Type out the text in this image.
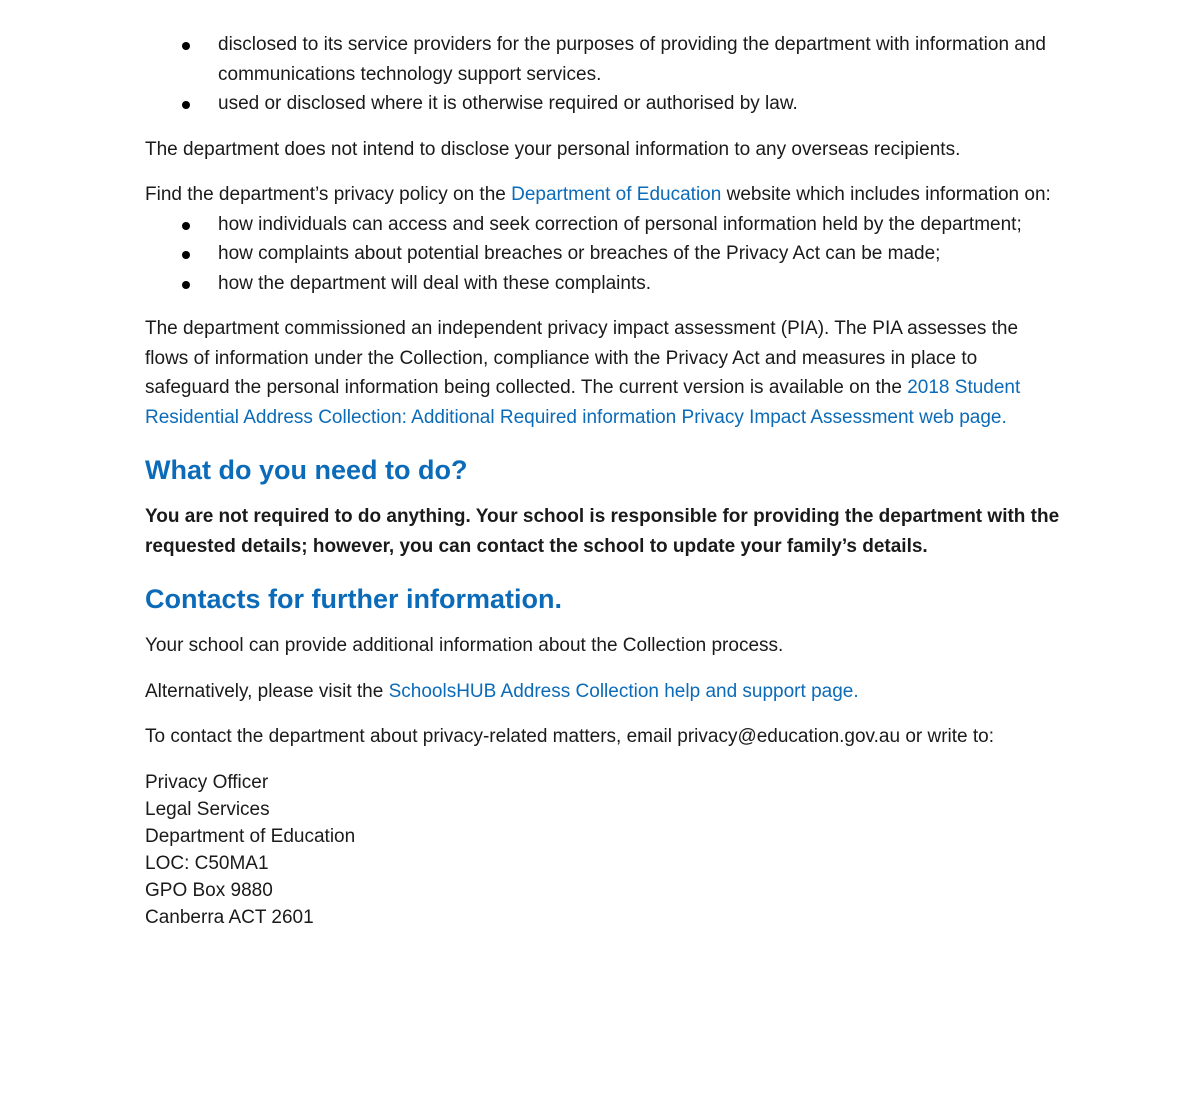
disclosed to its service providers for the purposes of providing the department with information and communications technology support services.
used or disclosed where it is otherwise required or authorised by law.

The department does not intend to disclose your personal information to any overseas recipients.

Find the department’s privacy policy on the Department of Education website which includes information on:

how individuals can access and seek correction of personal information held by the department;
how complaints about potential breaches or breaches of the Privacy Act can be made;
how the department will deal with these complaints.

The department commissioned an independent privacy impact assessment (PIA). The PIA assesses the flows of information under the Collection, compliance with the Privacy Act and measures in place to safeguard the personal information being collected. The current version is available on the 2018 Student Residential Address Collection: Additional Required information Privacy Impact Assessment web page.

What do you need to do?

You are not required to do anything. Your school is responsible for providing the department with the requested details; however, you can contact the school to update your family’s details.

Contacts for further information.

Your school can provide additional information about the Collection process.

Alternatively, please visit the SchoolsHUB Address Collection help and support page.

To contact the department about privacy-related matters, email privacy@education.gov.au or write to:

Privacy Officer
Legal Services
Department of Education
LOC: C50MA1
GPO Box 9880
Canberra ACT 2601
